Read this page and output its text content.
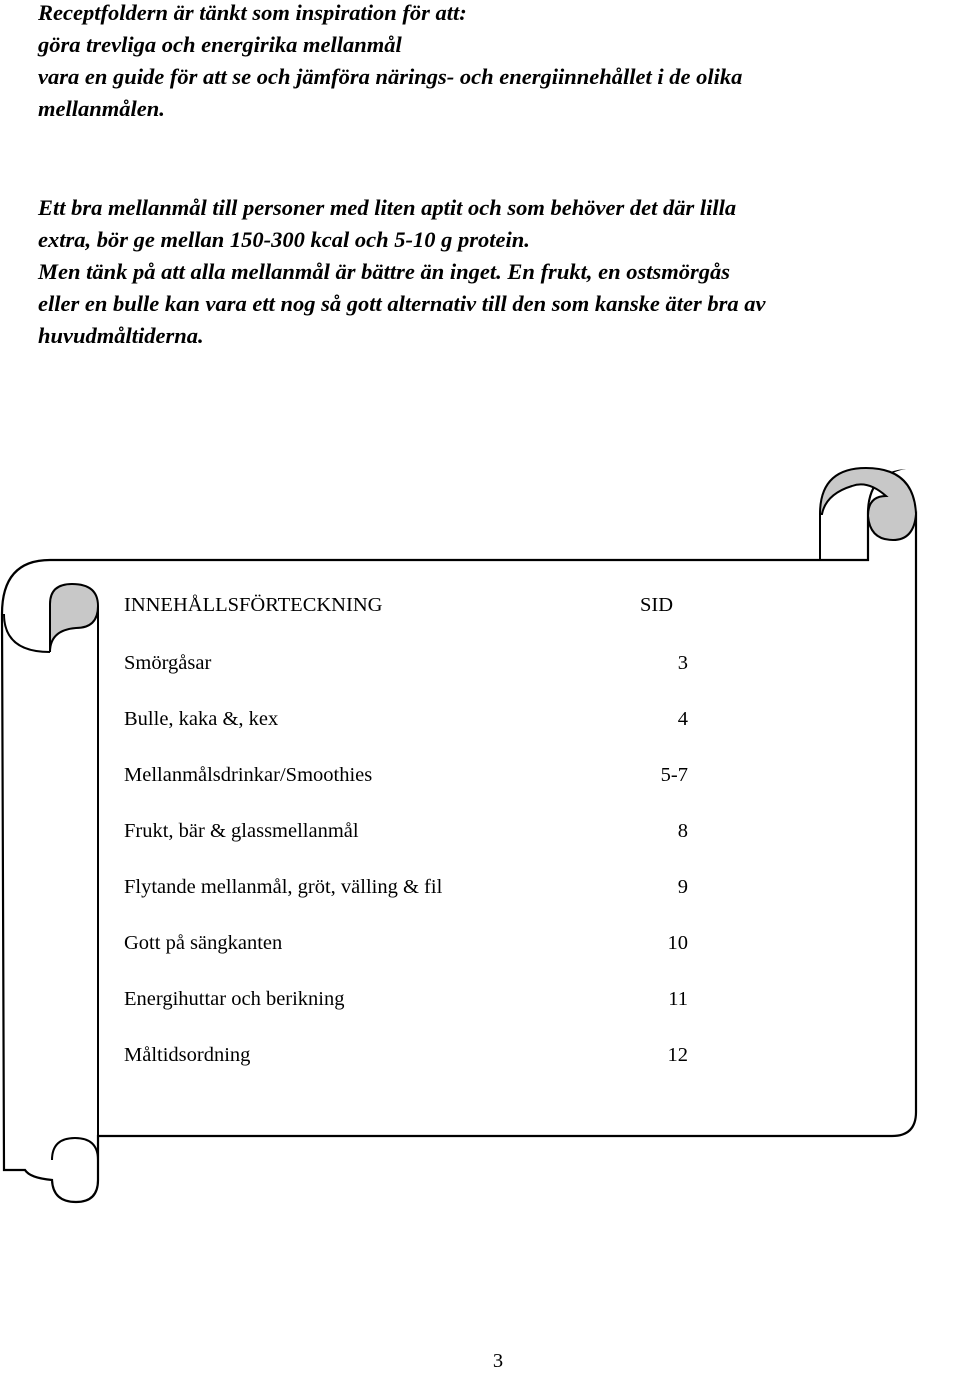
Receptfoldern är tänkt som inspiration för att:
göra trevliga och energirika mellanmål
vara en guide för att se och jämföra närings- och energiinnehållet i de olika
mellanmålen.
Ett bra mellanmål till personer med liten aptit och som behöver det där lilla
extra, bör ge mellan 150-300 kcal och 5-10 g protein.
Men tänk på att alla mellanmål är bättre än inget. En frukt, en ostsmörgås
eller en bulle kan vara ett nog så gott alternativ till den som kanske äter bra av
huvudmåltiderna.
INNEHÅLLSFÖRTECKNING	SID
Smörgåsar	3
Bulle, kaka &, kex	4
Mellanmålsdrinkar/Smoothies	5-7
Frukt, bär & glassmellanmål	8
Flytande mellanmål, gröt, välling & fil	9
Gott på sängkanten	10
Energihuttar och berikning	11
Måltidsordning	12
3
